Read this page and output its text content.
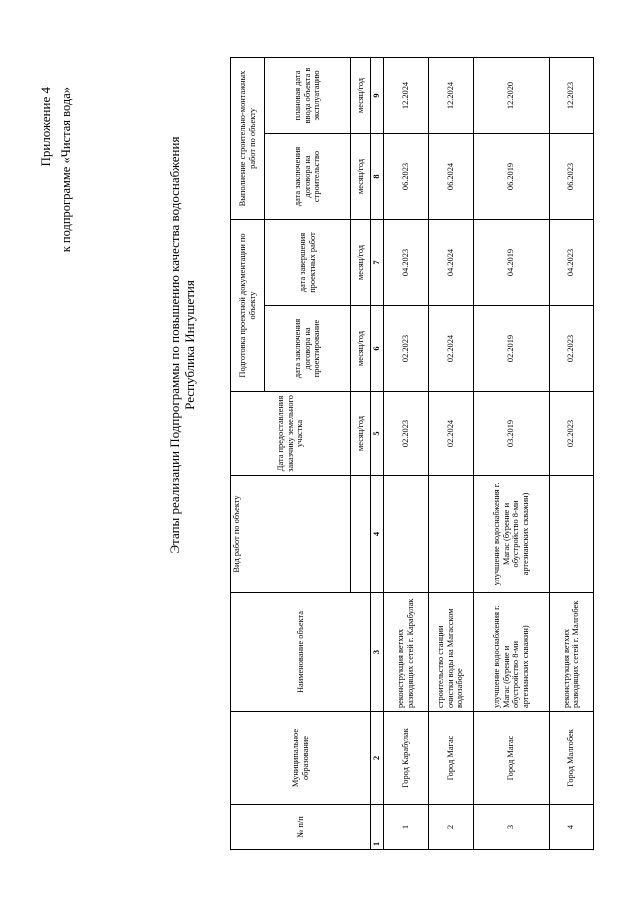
Приложение 4 к подпрограмме «Чистая вода»	Этапы реализации Подпрограммы по повышению качества водоснабжения Республика Ингушетия
№ п/п	Муниципальное образование	Наименование объекта	Вид работ по объекту	Дата предоставления заказчику земельного участка	Подготовка проектной документации по объекту		Выполнение строительно-монтажных работ по объекту	
					дата заключения договора на проектирование	дата завершения проектных работ	дата заключения договора на строительство	плановая дата ввода объекта в эксплуатацию
				месяц/год	месяц/год	месяц/год	месяц/год	месяц/год
1	2	3	4	5	6	7	8	9
1	Город Карабулак	реконструкция ветхих разводящих сетей г. Карабулак		02.2023	02.2023	04.2023	06.2023	12.2024
2	Город Магас	строительство станции очистки воды на Магасском водозаборе		02.2024	02.2024	04.2024	06.2024	12.2024
3	Город Магас	улучшение водоснабжения г. Магас (бурение и обустройство 8-ми артезианских скважин)	улучшение водоснабжения г. Магас (бурение и обустройство 8-ми артезианских скважин)	03.2019	02.2019	04.2019	06.2019	12.2020
4	Город Малгобек	реконструкция ветхих разводящих сетей г. Малгобек		02.2023	02.2023	04.2023	06.2023	12.2023
